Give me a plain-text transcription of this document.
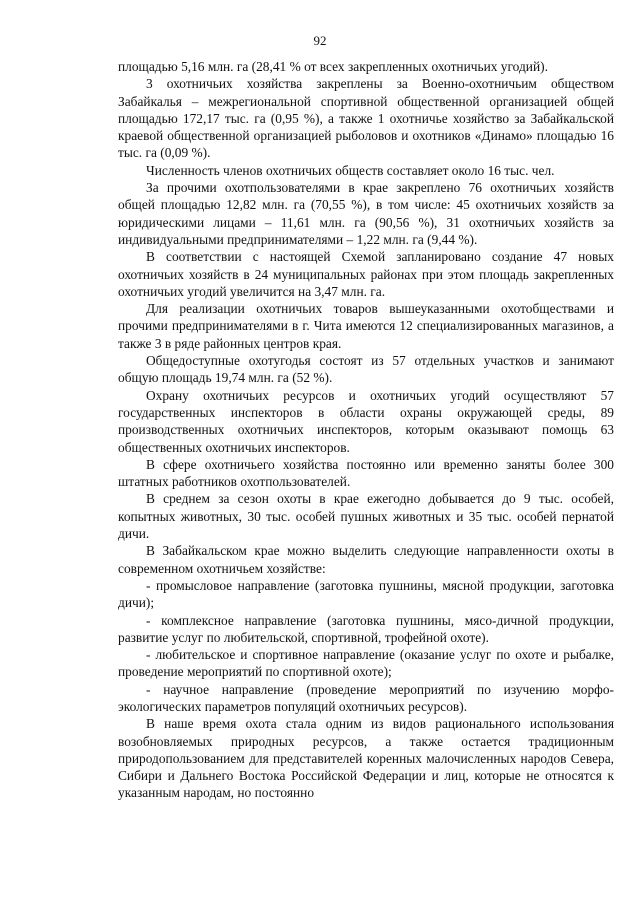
92

площадью 5,16 млн. га (28,41 % от всех закрепленных охотничьих угодий).

3 охотничьих хозяйства закреплены за Военно-охотничьим обществом Забайкалья – межрегиональной спортивной общественной организацией общей площадью 172,17 тыс. га (0,95 %), а также 1 охотничье хозяйство за Забайкальской краевой общественной организацией рыболовов и охотников «Динамо» площадью 16 тыс. га (0,09 %).

Численность членов охотничьих обществ составляет около 16 тыс. чел.

За прочими охотпользователями в крае закреплено 76 охотничьих хозяйств общей площадью 12,82 млн. га (70,55 %), в том числе: 45 охотничьих хозяйств за юридическими лицами – 11,61 млн. га (90,56 %), 31 охотничьих хозяйств за индивидуальными предпринимателями – 1,22 млн. га (9,44 %).

В соответствии с настоящей Схемой запланировано создание 47 новых охотничьих хозяйств в 24 муниципальных районах при этом площадь закрепленных охотничьих угодий увеличится на 3,47 млн. га.

Для реализации охотничьих товаров вышеуказанными охотобществами и прочими предпринимателями в г. Чита имеются 12 специализированных магазинов, а также 3 в ряде районных центров края.

Общедоступные охотугодья состоят из 57 отдельных участков и занимают общую площадь 19,74 млн. га (52 %).

Охрану охотничьих ресурсов и охотничьих угодий осуществляют 57 государственных инспекторов в области охраны окружающей среды, 89 производственных охотничьих инспекторов, которым оказывают помощь 63 общественных охотничьих инспекторов.

В сфере охотничьего хозяйства постоянно или временно заняты более 300 штатных работников охотпользователей.

В среднем за сезон охоты в крае ежегодно добывается до 9 тыс. особей, копытных животных, 30 тыс. особей пушных животных и 35 тыс. особей пернатой дичи.

В Забайкальском крае можно выделить следующие направленности охоты в современном охотничьем хозяйстве:

- промысловое направление (заготовка пушнины, мясной продукции, заготовка дичи);

- комплексное направление (заготовка пушнины, мясо-дичной продукции, развитие услуг по любительской, спортивной, трофейной охоте).

- любительское и спортивное направление (оказание услуг по охоте и рыбалке, проведение мероприятий по спортивной охоте);

- научное направление (проведение мероприятий по изучению морфо-экологических параметров популяций охотничьих ресурсов).

В наше время охота стала одним из видов рационального использования возобновляемых природных ресурсов, а также остается традиционным природопользованием для представителей коренных малочисленных народов Севера, Сибири и Дальнего Востока Российской Федерации и лиц, которые не относятся к указанным народам, но постоянно
